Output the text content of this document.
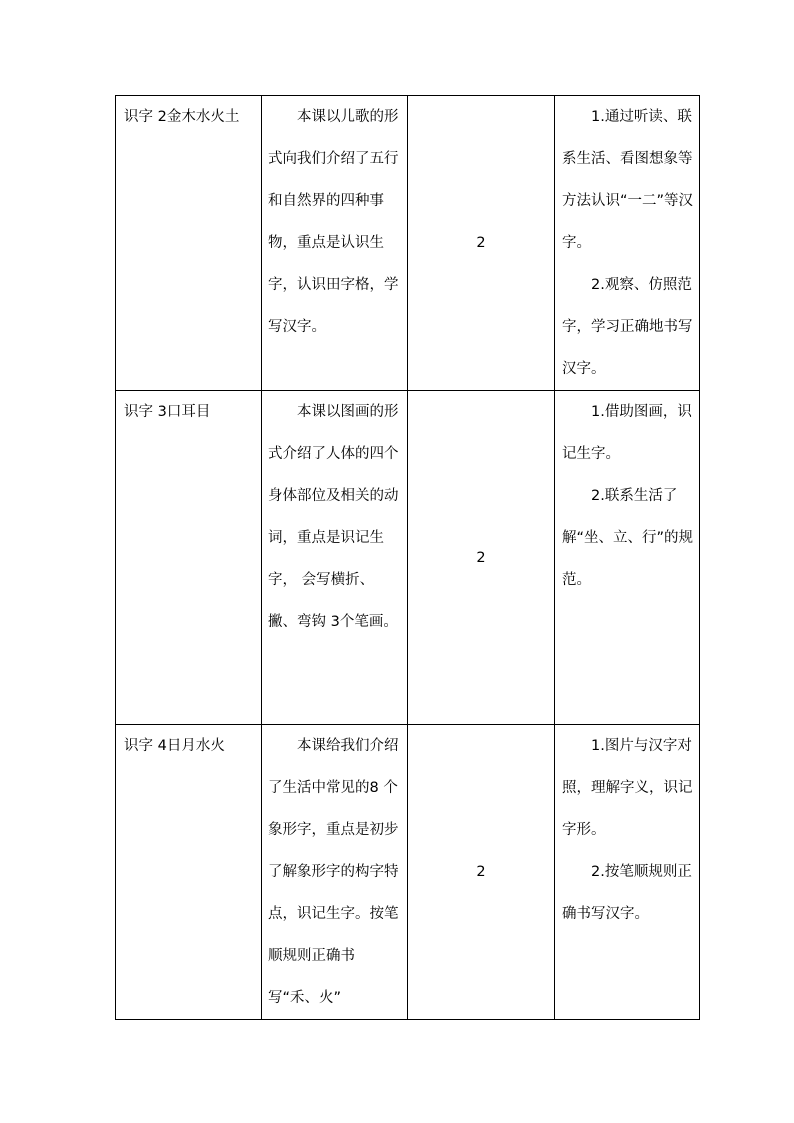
识字 2金木水火土	本课以儿歌的形式向我们介绍了五行和自然界的四种事物，重点是认识生字，认识田字格，学写汉字。	2	1.通过听读、联系生活、看图想象等方法认识“一二”等汉字。

2.观察、仿照范字，学习正确地书写汉字。

识字 3口耳目	本课以图画的形式介绍了人体的四个身体部位及相关的动词，重点是识记生字， 会写横折、撇、弯钩 3个笔画。	2	1.借助图画，识记生字。

2.联系生活了解“坐、立、行”的规范。

识字 4日月水火	本课给我们介绍了生活中常见的8 个象形字，重点是初步了解象形字的构字特点，识记生字。按笔顺规则正确书写“禾、火”	2	1.图片与汉字对照，理解字义，识记字形。

2.按笔顺规则正确书写汉字。
